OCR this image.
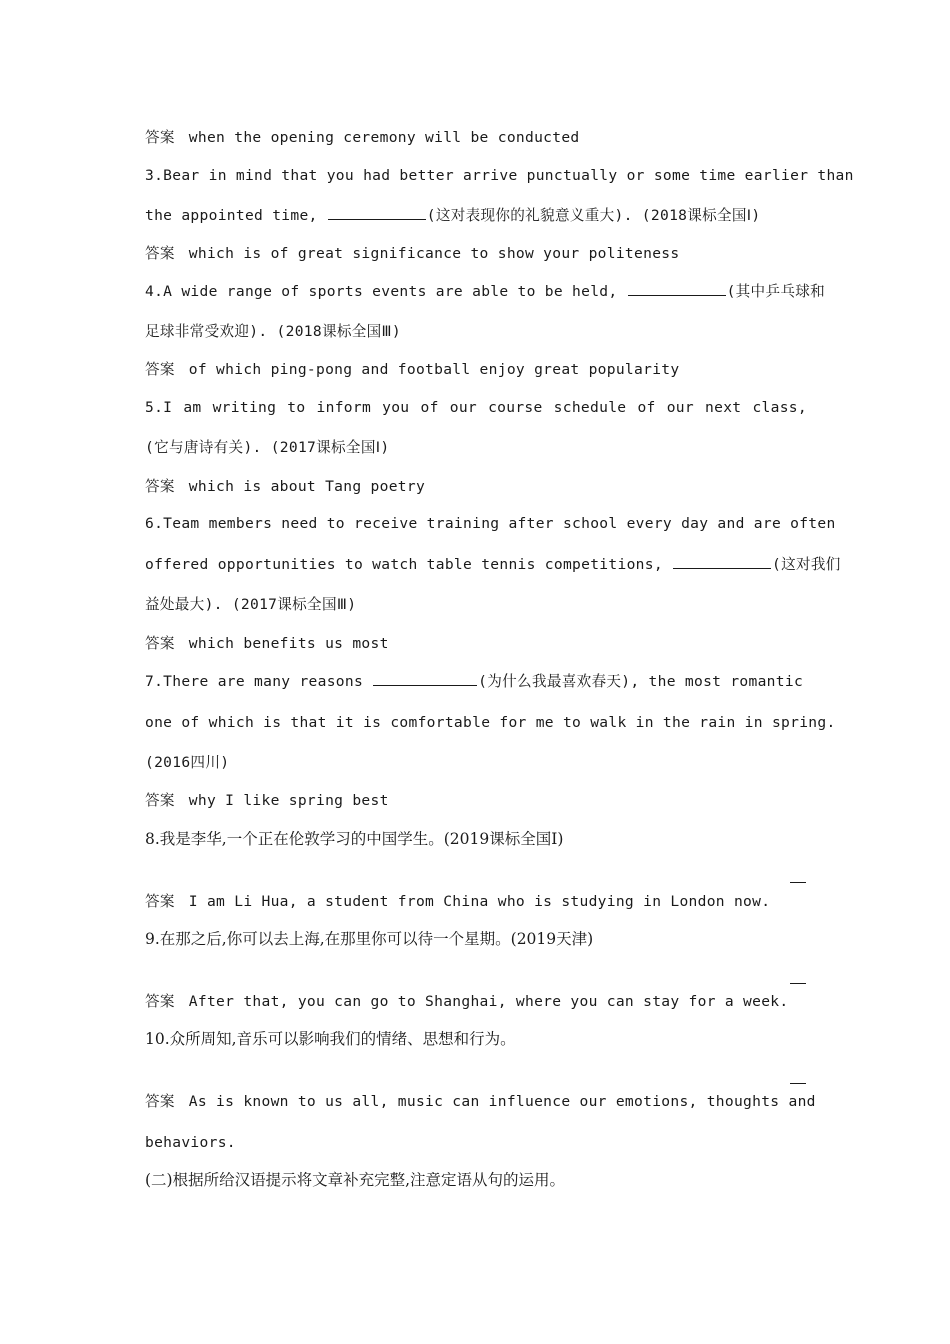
答案 when the opening ceremony will be conducted
3.Bear in mind that you had better arrive punctually or some time earlier than
the appointed time,	(这对表现你的礼貌意义重大). (2018课标全国Ⅰ)
答案 which is of great significance to show your politeness
4.A wide range of sports events are able to be held,	(其中乒乓球和
足球非常受欢迎). (2018课标全国Ⅲ)
答案 of which ping-pong and football enjoy great popularity
5.I am writing to inform you of our course schedule of our next class,
(它与唐诗有关). (2017课标全国Ⅰ)
答案 which is about Tang poetry
6.Team members need to receive training after school every day and are often
offered opportunities to watch table tennis competitions,	(这对我们
益处最大). (2017课标全国Ⅲ)
答案 which benefits us most
7.There are many reasons	(为什么我最喜欢春天), the most romantic
one of which is that it is comfortable for me to walk in the rain in spring.
(2016四川)
答案 why I like spring best
8.我是李华,一个正在伦敦学习的中国学生。(2019课标全国Ⅰ)
答案 I am Li Hua, a student from China who is studying in London now.
9.在那之后,你可以去上海,在那里你可以待一个星期。(2019天津)
答案 After that, you can go to Shanghai, where you can stay for a week.
10.众所周知,音乐可以影响我们的情绪、思想和行为。
答案 As is known to us all, music can influence our emotions, thoughts and
behaviors.
(二)根据所给汉语提示将文章补充完整,注意定语从句的运用。
